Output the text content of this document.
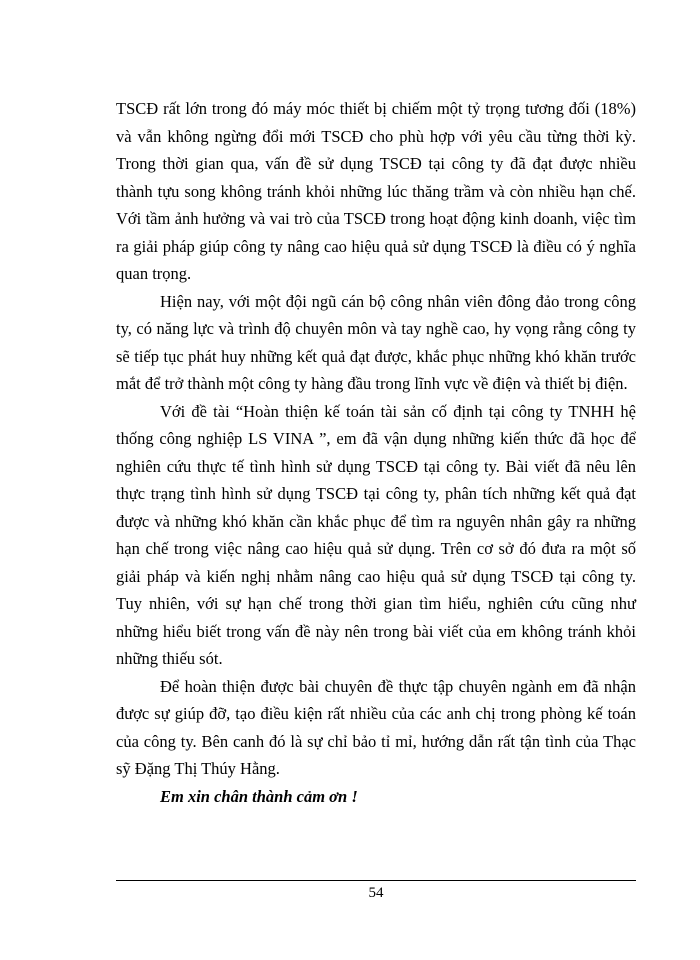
TSCĐ rất lớn trong đó máy móc thiết bị chiếm một tỷ trọng tương đối (18%) và vẫn không ngừng đổi mới TSCĐ cho phù hợp với yêu cầu từng thời kỳ. Trong thời gian qua, vấn đề sử dụng TSCĐ tại công ty đã đạt được nhiều thành tựu song không tránh khỏi những lúc thăng trầm và còn nhiều hạn chế. Với tầm ảnh hưởng và vai trò của TSCĐ trong hoạt động kinh doanh, việc tìm ra giải pháp giúp công ty nâng cao hiệu quả sử dụng TSCĐ là điều có ý nghĩa quan trọng.

Hiện nay, với một đội ngũ cán bộ công nhân viên đông đảo trong công ty, có năng lực và trình độ chuyên môn và tay nghề cao, hy vọng rằng công ty sẽ tiếp tục phát huy những kết quả đạt được, khắc phục những khó khăn trước mắt để trở thành một công ty hàng đầu trong lĩnh vực về điện và thiết bị điện.

Với đề tài “Hoàn thiện kế toán tài sản cố định tại công ty TNHH hệ thống công nghiệp LS VINA ”, em đã vận dụng những kiến thức đã học để nghiên cứu thực tế tình hình sử dụng TSCĐ tại công ty. Bài viết đã nêu lên thực trạng tình hình sử dụng TSCĐ tại công ty, phân tích những kết quả đạt được và những khó khăn cần khắc phục để tìm ra nguyên nhân gây ra những hạn chế trong việc nâng cao hiệu quả sử dụng. Trên cơ sở đó đưa ra một số giải pháp và kiến nghị nhằm nâng cao hiệu quả sử dụng TSCĐ tại công ty. Tuy nhiên, với sự hạn chế trong thời gian tìm hiểu, nghiên cứu cũng như những hiểu biết trong vấn đề này nên trong bài viết của em không tránh khỏi những thiếu sót.

Để hoàn thiện được bài chuyên đề thực tập chuyên ngành em đã nhận được sự giúp đỡ, tạo điều kiện rất nhiều của các anh chị trong phòng kế toán của công ty. Bên canh đó là sự chỉ bảo tỉ mỉ, hướng dẫn rất tận tình của Thạc sỹ Đặng Thị Thúy Hằng.

Em xin chân thành cảm ơn !

54
